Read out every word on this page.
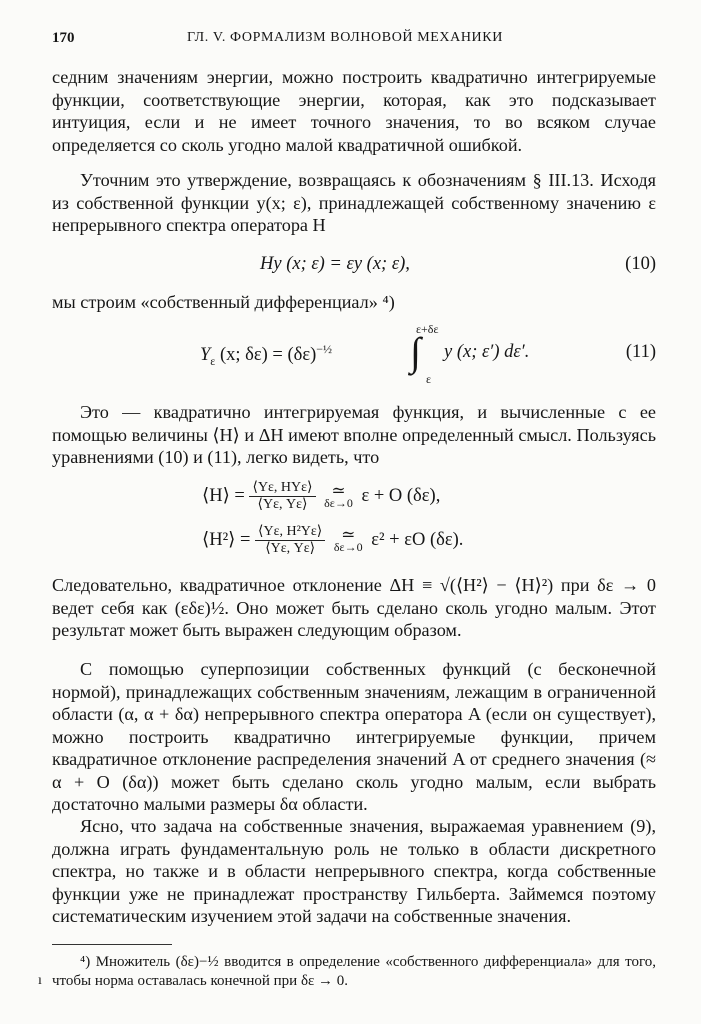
170	ГЛ. V. ФОРМАЛИЗМ ВОЛНОВОЙ МЕХАНИКИ

седним значениям энергии, можно построить квадратично интегрируемые функции, соответствующие энергии, которая, как это подсказывает интуиция, если и не имеет точного значения, то во всяком случае определяется со сколь угодно малой квадратичной ошибкой.

Уточним это утверждение, возвращаясь к обозначениям § III.13. Исходя из собственной функции y(x; ε), принадлежащей собственному значению ε непрерывного спектра оператора H

Hy (x; ε) = εy (x; ε),	(10)

мы строим «собственный дифференциал» ⁴)

$Y_\varepsilon$ (x; $\delta\varepsilon) = (\delta\varepsilon)^{-\frac{1}{2}}$
ε+δε
∫
ε
y (x; ε′) dε′.	(11)

Это — квадратично интегрируемая функция, и вычисленные с ее помощью величины ⟨H⟩ и ΔH имеют вполне определенный смысл. Пользуясь уравнениями (10) и (11), легко видеть, что

⟨H⟩ = $\frac{\text{⟨Yε, HYε⟩}}{⟨Y\varepsilon, Y\varepsilon⟩}$
≃
δε→0 ε + O (δε),
⟨H²⟩ = $\frac{\text{⟨Yε, H²Yε⟩}}{⟨Y\varepsilon, Y\varepsilon⟩}$
≃
δε→0 ε² + εO (δε).

Следовательно, квадратичное отклонение ΔH ≡ √(⟨H²⟩ − ⟨H⟩²) при δε → 0 ведет себя как (εδε)½. Оно может быть сделано сколь угодно малым. Этот результат может быть выражен следующим образом.

С помощью суперпозиции собственных функций (с бесконечной нормой), принадлежащих собственным значениям, лежащим в ограниченной области (α, α + δα) непрерывного спектра оператора A (если он существует), можно построить квадратично интегрируемые функции, причем квадратичное отклонение распределения значений A от среднего значения (≈ α + O (δα)) может быть сделано сколь угодно малым, если выбрать достаточно малыми размеры δα области.

Ясно, что задача на собственные значения, выражаемая уравнением (9), должна играть фундаментальную роль не только в области дискретного спектра, но также и в области непрерывного спектра, когда собственные функции уже не принадлежат пространству Гильберта. Займемся поэтому систематическим изучением этой задачи на собственные значения.

⁴) Множитель (δε)−½ вводится в определение «собственного дифференциала» для того, чтобы норма оставалась конечной при δε → 0.

ı
